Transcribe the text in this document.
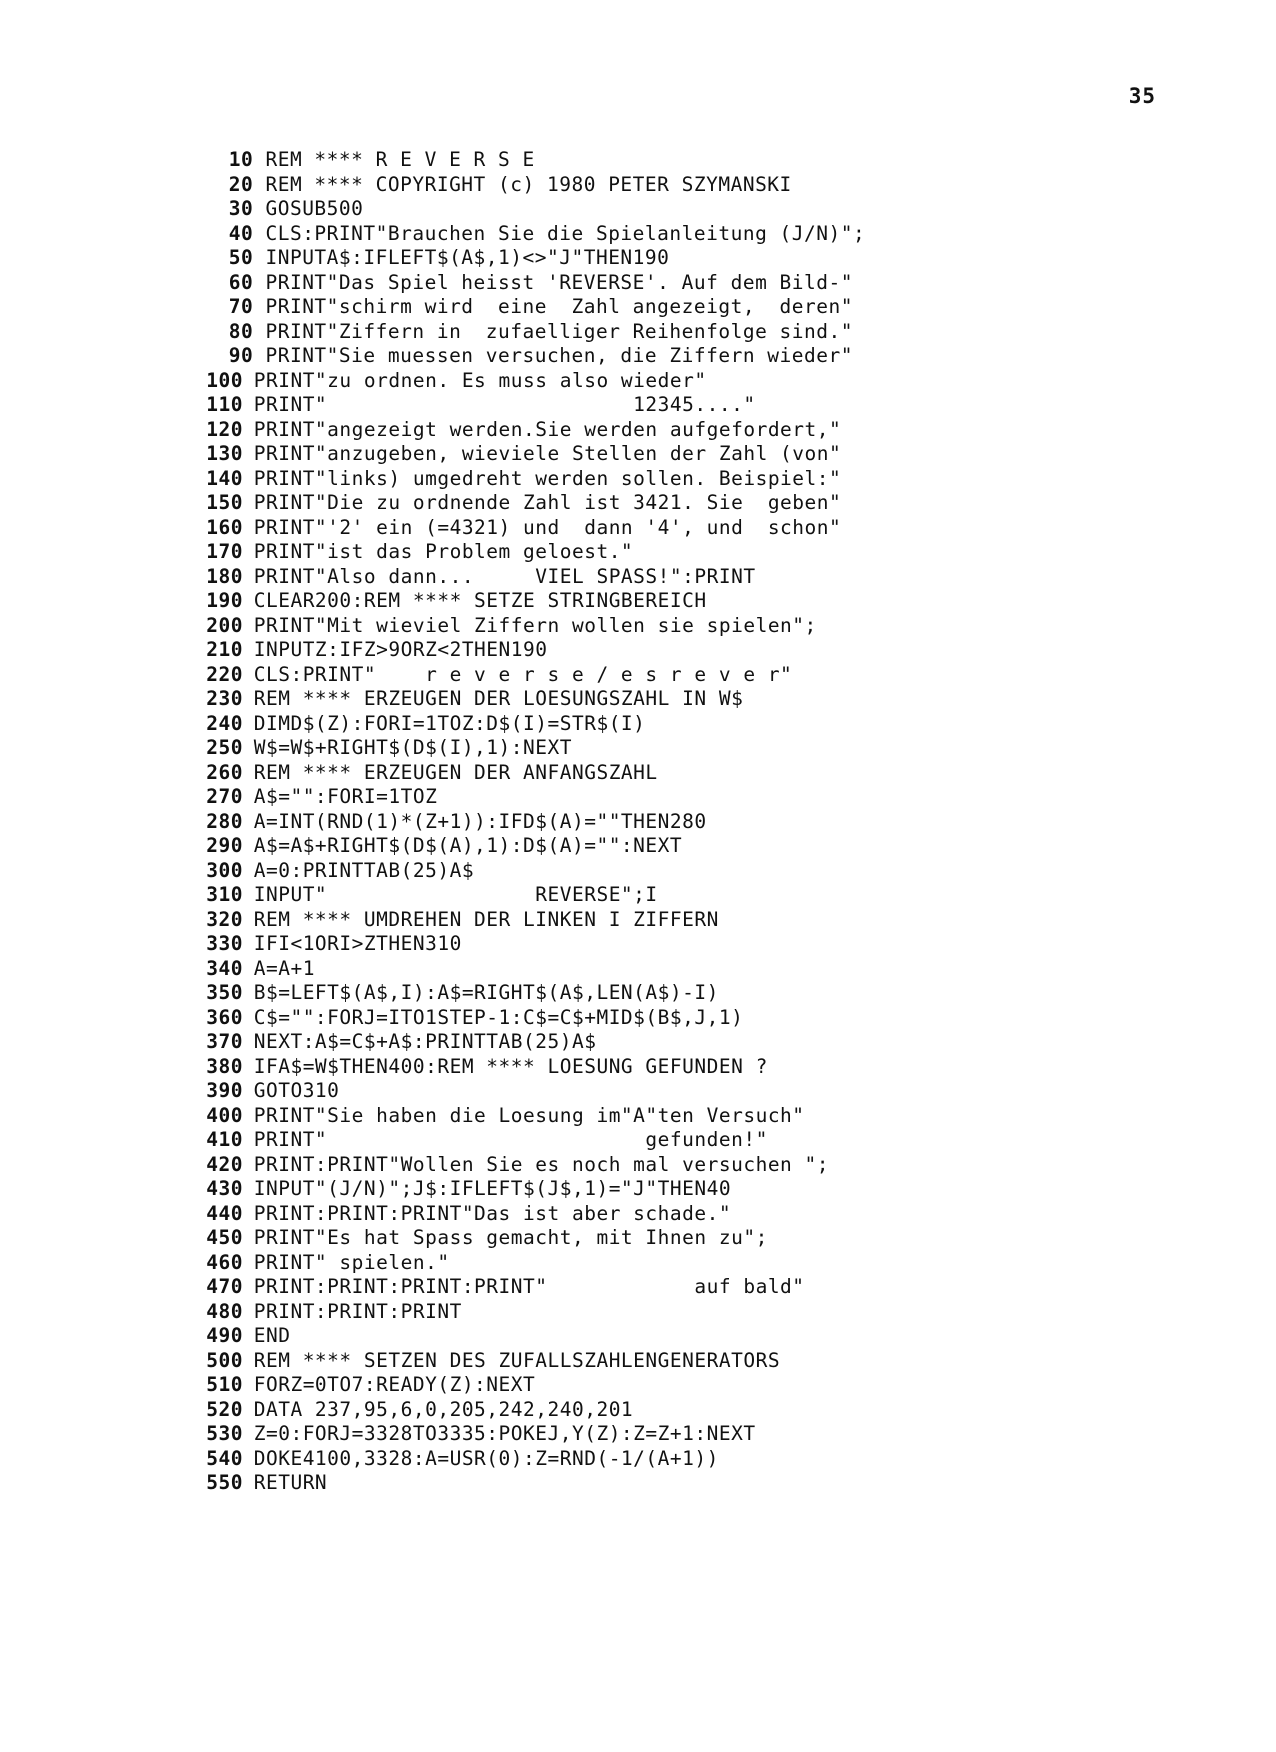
35
10 REM **** R E V E R S E
20 REM **** COPYRIGHT (c) 1980 PETER SZYMANSKI
30 GOSUB500
40 CLS:PRINT"Brauchen Sie die Spielanleitung (J/N)";
50 INPUTA$:IFLEFT$(A$,1)<>"J"THEN190
60 PRINT"Das Spiel heisst 'REVERSE'. Auf dem Bild-"
70 PRINT"schirm wird  eine  Zahl angezeigt,  deren"
80 PRINT"Ziffern in  zufaelliger Reihenfolge sind."
90 PRINT"Sie muessen versuchen, die Ziffern wieder"
100 PRINT"zu ordnen. Es muss also wieder"
110 PRINT"                         12345...."
120 PRINT"angezeigt werden.Sie werden aufgefordert,"
130 PRINT"anzugeben, wieviele Stellen der Zahl (von"
140 PRINT"links) umgedreht werden sollen. Beispiel:"
150 PRINT"Die zu ordnende Zahl ist 3421. Sie  geben"
160 PRINT"'2' ein (=4321) und  dann '4', und  schon"
170 PRINT"ist das Problem geloest."
180 PRINT"Also dann...     VIEL SPASS!":PRINT
190 CLEAR200:REM **** SETZE STRINGBEREICH
200 PRINT"Mit wieviel Ziffern wollen sie spielen";
210 INPUTZ:IFZ>9ORZ<2THEN190
220 CLS:PRINT"    r e v e r s e / e s r e v e r"
230 REM **** ERZEUGEN DER LOESUNGSZAHL IN W$
240 DIMD$(Z):FORI=1TOZ:D$(I)=STR$(I)
250 W$=W$+RIGHT$(D$(I),1):NEXT
260 REM **** ERZEUGEN DER ANFANGSZAHL
270 A$="":FORI=1TOZ
280 A=INT(RND(1)*(Z+1)):IFD$(A)=""THEN280
290 A$=A$+RIGHT$(D$(A),1):D$(A)="":NEXT
300 A=0:PRINTTAB(25)A$
310 INPUT"                 REVERSE";I
320 REM **** UMDREHEN DER LINKEN I ZIFFERN
330 IFI<1ORI>ZTHEN310
340 A=A+1
350 B$=LEFT$(A$,I):A$=RIGHT$(A$,LEN(A$)-I)
360 C$="":FORJ=ITO1STEP-1:C$=C$+MID$(B$,J,1)
370 NEXT:A$=C$+A$:PRINTTAB(25)A$
380 IFA$=W$THEN400:REM **** LOESUNG GEFUNDEN ?
390 GOTO310
400 PRINT"Sie haben die Loesung im"A"ten Versuch"
410 PRINT"                          gefunden!"
420 PRINT:PRINT"Wollen Sie es noch mal versuchen ";
430 INPUT"(J/N)";J$:IFLEFT$(J$,1)="J"THEN40
440 PRINT:PRINT:PRINT"Das ist aber schade."
450 PRINT"Es hat Spass gemacht, mit Ihnen zu";
460 PRINT" spielen."
470 PRINT:PRINT:PRINT:PRINT"            auf bald"
480 PRINT:PRINT:PRINT
490 END
500 REM **** SETZEN DES ZUFALLSZAHLENGENERATORS
510 FORZ=0TO7:READY(Z):NEXT
520 DATA 237,95,6,0,205,242,240,201
530 Z=0:FORJ=3328TO3335:POKEJ,Y(Z):Z=Z+1:NEXT
540 DOKE4100,3328:A=USR(0):Z=RND(-1/(A+1))
550 RETURN
